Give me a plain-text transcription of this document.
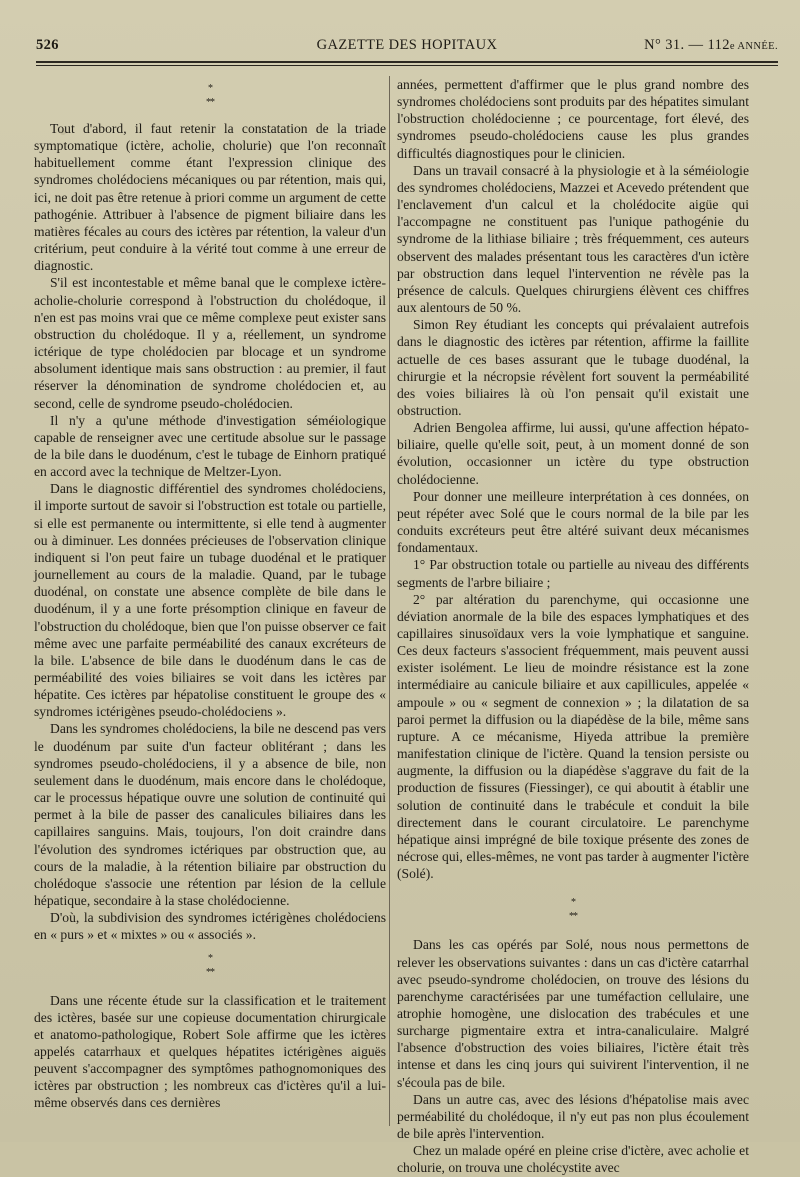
526	GAZETTE DES HOPITAUX	N° 31. — 112e ANNÉE.
*
**

Tout d'abord, il faut retenir la constatation de la triade symptomatique (ictère, acholie, cholurie) que l'on reconnaît habituellement comme étant l'expression clinique des syndromes cholédociens mécaniques ou par rétention, mais qui, ici, ne doit pas être retenue à priori comme un argument de cette pathogénie. Attribuer à l'absence de pigment biliaire dans les matières fécales au cours des ictères par rétention, la valeur d'un critérium, peut conduire à la vérité tout comme à une erreur de diagnostic.

S'il est incontestable et même banal que le complexe ictère-acholie-cholurie correspond à l'obstruction du cholédoque, il n'en est pas moins vrai que ce même complexe peut exister sans obstruction du cholédoque. Il y a, réellement, un syndrome ictérique de type cholédocien par blocage et un syndrome absolument identique mais sans obstruction : au premier, il faut réserver la dénomination de syndrome cholédocien et, au second, celle de syndrome pseudo-cholédocien.

Il n'y a qu'une méthode d'investigation séméiologique capable de renseigner avec une certitude absolue sur le passage de la bile dans le duodénum, c'est le tubage de Einhorn pratiqué en accord avec la technique de Meltzer-Lyon.

Dans le diagnostic différentiel des syndromes cholédociens, il importe surtout de savoir si l'obstruction est totale ou partielle, si elle est permanente ou intermittente, si elle tend à augmenter ou à diminuer. Les données précieuses de l'observation clinique indiquent si l'on peut faire un tubage duodénal et le pratiquer journellement au cours de la maladie. Quand, par le tubage duodénal, on constate une absence complète de bile dans le duodénum, il y a une forte présomption clinique en faveur de l'obstruction du cholédoque, bien que l'on puisse observer ce fait même avec une parfaite perméabilité des canaux excréteurs de la bile. L'absence de bile dans le duodénum dans le cas de perméabilité des voies biliaires se voit dans les ictères par hépatite. Ces ictères par hépatolise constituent le groupe des « syndromes ictérigènes pseudo-cholédociens ».

Dans les syndromes cholédociens, la bile ne descend pas vers le duodénum par suite d'un facteur oblitérant ; dans les syndromes pseudo-cholédociens, il y a absence de bile, non seulement dans le duodénum, mais encore dans le cholédoque, car le processus hépatique ouvre une solution de continuité qui permet à la bile de passer des canalicules biliaires dans les capillaires sanguins. Mais, toujours, l'on doit craindre dans l'évolution des syndromes ictériques par obstruction que, au cours de la maladie, à la rétention biliaire par obstruction du cholédoque s'associe une rétention par lésion de la cellule hépatique, secondaire à la stase cholédocienne.

D'où, la subdivision des syndromes ictérigènes cholédociens en « purs » et « mixtes » ou « associés ».

*
**

Dans une récente étude sur la classification et le traitement des ictères, basée sur une copieuse documentation chirurgicale et anatomo-pathologique, Robert Sole affirme que les ictères appelés catarrhaux et quelques hépatites ictérigènes aiguës peuvent s'accompagner des symptômes pathognomoniques des ictères par obstruction ; les nombreux cas d'ictères qu'il a lui-même observés dans ces dernières

années, permettent d'affirmer que le plus grand nombre des syndromes cholédociens sont produits par des hépatites simulant l'obstruction cholédocienne ; ce pourcentage, fort élevé, des syndromes pseudo-cholédociens cause les plus grandes difficultés diagnostiques pour le clinicien.

Dans un travail consacré à la physiologie et à la séméiologie des syndromes cholédociens, Mazzei et Acevedo prétendent que l'enclavement d'un calcul et la cholédocite aigüe qui l'accompagne ne constituent pas l'unique pathogénie du syndrome de la lithiase biliaire ; très fréquemment, ces auteurs observent des malades présentant tous les caractères d'un ictère par obstruction dans lequel l'intervention ne révèle pas la présence de calculs. Quelques chirurgiens élèvent ces chiffres aux alentours de 50 %.

Simon Rey étudiant les concepts qui prévalaient autrefois dans le diagnostic des ictères par rétention, affirme la faillite actuelle de ces bases assurant que le tubage duodénal, la chirurgie et la nécropsie révèlent fort souvent la perméabilité des voies biliaires là où l'on pensait qu'il existait une obstruction.

Adrien Bengolea affirme, lui aussi, qu'une affection hépato-biliaire, quelle qu'elle soit, peut, à un moment donné de son évolution, occasionner un ictère du type obstruction cholédocienne.

Pour donner une meilleure interprétation à ces données, on peut répéter avec Solé que le cours normal de la bile par les conduits excréteurs peut être altéré suivant deux mécanismes fondamentaux.

1° Par obstruction totale ou partielle au niveau des différents segments de l'arbre biliaire ;

2° par altération du parenchyme, qui occasionne une déviation anormale de la bile des espaces lymphatiques et des capillaires sinusoïdaux vers la voie lymphatique et sanguine. Ces deux facteurs s'associent fréquemment, mais peuvent aussi exister isolément. Le lieu de moindre résistance est la zone intermédiaire au canicule biliaire et aux capillicules, appelée « ampoule » ou « segment de connexion » ; la dilatation de sa paroi permet la diffusion ou la diapédèse de la bile, même sans rupture. A ce mécanisme, Hiyeda attribue la première manifestation clinique de l'ictère. Quand la tension persiste ou augmente, la diffusion ou la diapédèse s'aggrave du fait de la production de fissures (Fiessinger), ce qui aboutit à établir une solution de continuité dans le trabécule et conduit la bile directement dans le courant circulatoire. Le parenchyme hépatique ainsi imprégné de bile toxique présente des zones de nécrose qui, elles-mêmes, ne vont pas tarder à augmenter l'ictère (Solé).

*
**

Dans les cas opérés par Solé, nous nous permettons de relever les observations suivantes : dans un cas d'ictère catarrhal avec pseudo-syndrome cholédocien, on trouve des lésions du parenchyme caractérisées par une tuméfaction cellulaire, une atrophie homogène, une dislocation des trabécules et une surcharge pigmentaire extra et intra-canaliculaire. Malgré l'absence d'obstruction des voies biliaires, l'ictère était très intense et dans les cinq jours qui suivirent l'intervention, il ne s'écoula pas de bile.

Dans un autre cas, avec des lésions d'hépatolise mais avec perméabilité du cholédoque, il n'y eut pas non plus écoulement de bile après l'intervention.

Chez un malade opéré en pleine crise d'ictère, avec acholie et cholurie, on trouva une cholécystite avec
